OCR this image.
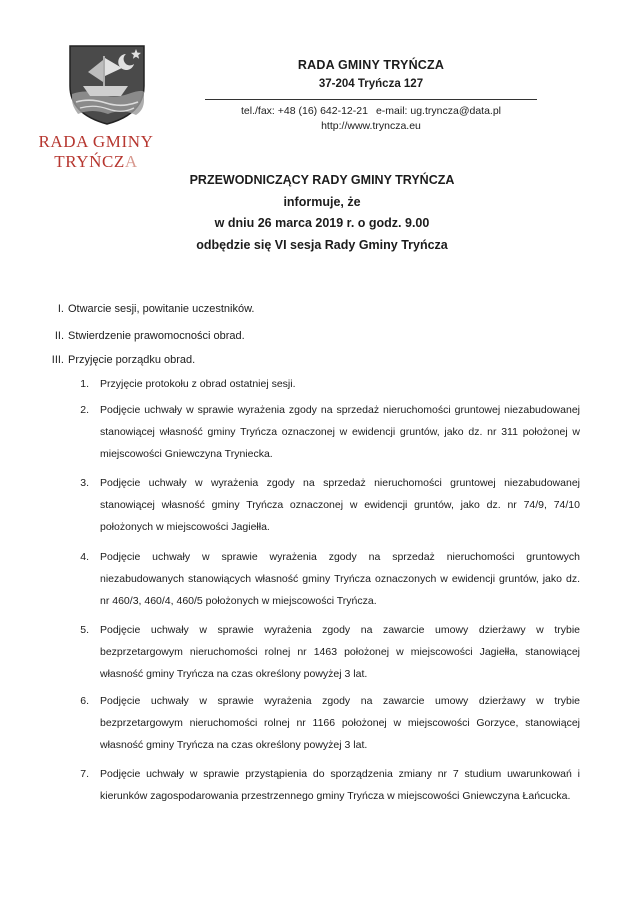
RADA GMINY
TRYŃCZA
RADA GMINY TRYŃCZA
37-204 Tryńcza 127
tel./fax: +48 (16) 642-12-21 e-mail: ug.tryncza@data.pl
http://www.tryncza.eu
PRZEWODNICZĄCY RADY GMINY TRYŃCZA
informuje, że
w dniu 26 marca 2019 r. o godz. 9.00
odbędzie się VI sesja Rady Gminy Tryńcza
I. Otwarcie sesji, powitanie uczestników.
II. Stwierdzenie prawomocności obrad.
III. Przyjęcie porządku obrad.
1. Przyjęcie protokołu z obrad ostatniej sesji.
2. Podjęcie uchwały w sprawie wyrażenia zgody na sprzedaż nieruchomości gruntowej niezabudowanej stanowiącej własność gminy Tryńcza oznaczonej w ewidencji gruntów, jako dz. nr 311 położonej w miejscowości Gniewczyna Tryniecka.
3. Podjęcie uchwały w wyrażenia zgody na sprzedaż nieruchomości gruntowej niezabudowanej stanowiącej własność gminy Tryńcza oznaczonej w ewidencji gruntów, jako dz. nr 74/9, 74/10 położonych w miejscowości Jagiełła.
4. Podjęcie uchwały w sprawie wyrażenia zgody na sprzedaż nieruchomości gruntowych niezabudowanych stanowiących własność gminy Tryńcza oznaczonych w ewidencji gruntów, jako dz. nr 460/3, 460/4, 460/5 położonych w miejscowości Tryńcza.
5. Podjęcie uchwały w sprawie wyrażenia zgody na zawarcie umowy dzierżawy w trybie bezprzetargowym nieruchomości rolnej nr 1463 położonej w miejscowości Jagiełła, stanowiącej własność gminy Tryńcza na czas określony powyżej 3 lat.
6. Podjęcie uchwały w sprawie wyrażenia zgody na zawarcie umowy dzierżawy w trybie bezprzetargowym nieruchomości rolnej nr 1166 położonej w miejscowości Gorzyce, stanowiącej własność gminy Tryńcza na czas określony powyżej 3 lat.
7. Podjęcie uchwały w sprawie przystąpienia do sporządzenia zmiany nr 7 studium uwarunkowań i kierunków zagospodarowania przestrzennego gminy Tryńcza w miejscowości Gniewczyna Łańcucka.
